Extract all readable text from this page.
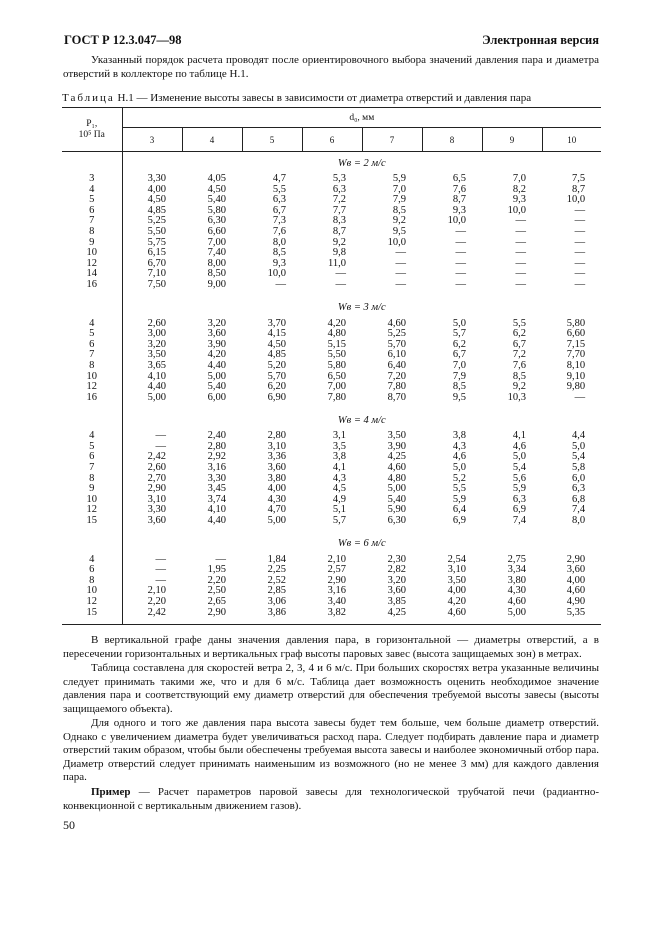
ГОСТ Р 12.3.047—98	Электронная версия

Указанный порядок расчета проводят после ориентировочного выбора значений давления пара и диаметра отверстий в коллекторе по таблице Н.1.

Таблица Н.1 — Изменение высоты завесы в зависимости от диаметра отверстий и давления пара
P₁,
10⁵ Па	d₀, мм							
	3	4	5	6	7	8	9	10
	Wв = 2 м/с							
3	3,30	4,05	4,7	5,3	5,9	6,5	7,0	7,5
4	4,00	4,50	5,5	6,3	7,0	7,6	8,2	8,7
5	4,50	5,40	6,3	7,2	7,9	8,7	9,3	10,0
6	4,85	5,80	6,7	7,7	8,5	9,3	10,0	—
7	5,25	6,30	7,3	8,3	9,2	10,0	—	—
8	5,50	6,60	7,6	8,7	9,5	—	—	—
9	5,75	7,00	8,0	9,2	10,0	—	—	—
10	6,15	7,40	8,5	9,8	—	—	—	—
12	6,70	8,00	9,3	11,0	—	—	—	—
14	7,10	8,50	10,0	—	—	—	—	—
16	7,50	9,00	—	—	—	—	—	—

	Wв = 3 м/с							
4	2,60	3,20	3,70	4,20	4,60	5,0	5,5	5,80
5	3,00	3,60	4,15	4,80	5,25	5,7	6,2	6,60
6	3,20	3,90	4,50	5,15	5,70	6,2	6,7	7,15
7	3,50	4,20	4,85	5,50	6,10	6,7	7,2	7,70
8	3,65	4,40	5,20	5,80	6,40	7,0	7,6	8,10
10	4,10	5,00	5,70	6,50	7,20	7,9	8,5	9,10
12	4,40	5,40	6,20	7,00	7,80	8,5	9,2	9,80
16	5,00	6,00	6,90	7,80	8,70	9,5	10,3	—

	Wв = 4 м/с							
4	—	2,40	2,80	3,1	3,50	3,8	4,1	4,4
5	—	2,80	3,10	3,5	3,90	4,3	4,6	5,0
6	2,42	2,92	3,36	3,8	4,25	4,6	5,0	5,4
7	2,60	3,16	3,60	4,1	4,60	5,0	5,4	5,8
8	2,70	3,30	3,80	4,3	4,80	5,2	5,6	6,0
9	2,90	3,45	4,00	4,5	5,00	5,5	5,9	6,3
10	3,10	3,74	4,30	4,9	5,40	5,9	6,3	6,8
12	3,30	4,10	4,70	5,1	5,90	6,4	6,9	7,4
15	3,60	4,40	5,00	5,7	6,30	6,9	7,4	8,0

	Wв = 6 м/с							
4	—	—	1,84	2,10	2,30	2,54	2,75	2,90
6	—	1,95	2,25	2,57	2,82	3,10	3,34	3,60
8	—	2,20	2,52	2,90	3,20	3,50	3,80	4,00
10	2,10	2,50	2,85	3,16	3,60	4,00	4,30	4,60
12	2,20	2,65	3,06	3,40	3,85	4,20	4,60	4,90
15	2,42	2,90	3,86	3,82	4,25	4,60	5,00	5,35

В вертикальной графе даны значения давления пара, в горизонтальной — диаметры отверстий, а в пересечении горизонтальных и вертикальных граф высоты паровых завес (высота защищаемых зон) в метрах.

Таблица составлена для скоростей ветра 2, 3, 4 и 6 м/с. При больших скоростях ветра указанные величины следует принимать такими же, что и для 6 м/с. Таблица дает возможность оценить необходимое значение давления пара и соответствующий ему диаметр отверстий для обеспечения требуемой высоты завесы (высоты защищаемого объекта).

Для одного и того же давления пара высота завесы будет тем больше, чем больше диаметр отверстий. Однако с увеличением диаметра будет увеличиваться расход пара. Следует подбирать давление пара и диаметр отверстий таким образом, чтобы были обеспечены требуемая высота завесы и наиболее экономичный отбор пара. Диаметр отверстий следует принимать наименьшим из возможного (но не менее 3 мм) для каждого давления пара.

Пример — Расчет параметров паровой завесы для технологической трубчатой печи (радиантно-конвекционной с вертикальным движением газов).

50
